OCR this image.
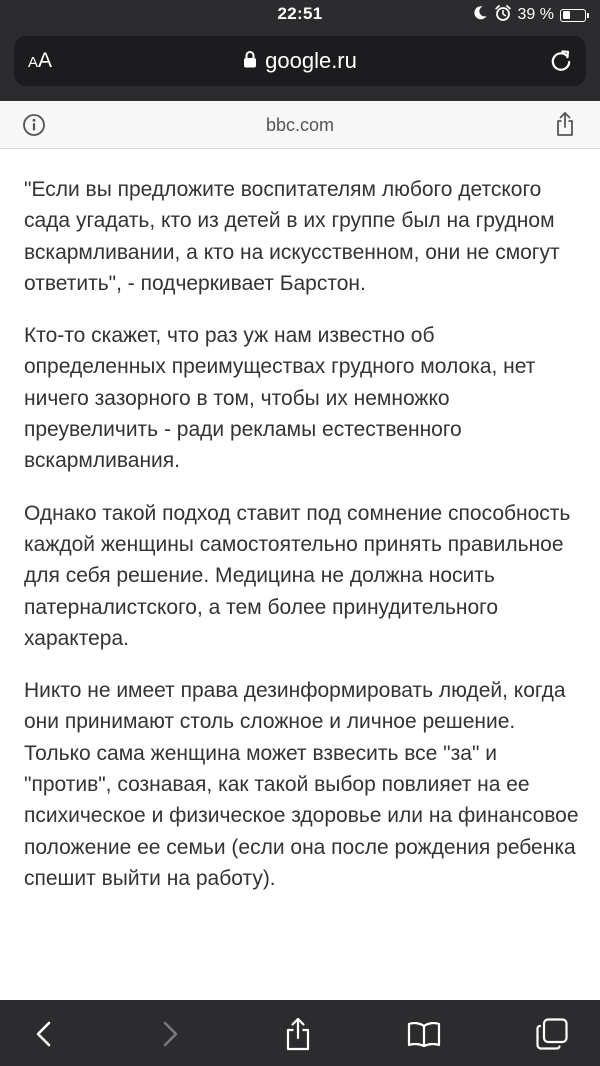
22:51	39 %
AA	google.ru
bbc.com

"Если вы предложите воспитателям любого детского сада угадать, кто из детей в их группе был на грудном вскармливании, а кто на искусственном, они не смогут ответить", - подчеркивает Барстон.

Кто-то скажет, что раз уж нам известно об определенных преимуществах грудного молока, нет ничего зазорного в том, чтобы их немножко преувеличить - ради рекламы естественного вскармливания.

Однако такой подход ставит под сомнение способность каждой женщины самостоятельно принять правильное для себя решение. Медицина не должна носить патерналистского, а тем более принудительного характера.

Никто не имеет права дезинформировать людей, когда они принимают столь сложное и личное решение. Только сама женщина может взвесить все "за" и "против", сознавая, как такой выбор повлияет на ее психическое и физическое здоровье или на финансовое положение ее семьи (если она после рождения ребенка спешит выйти на работу).
